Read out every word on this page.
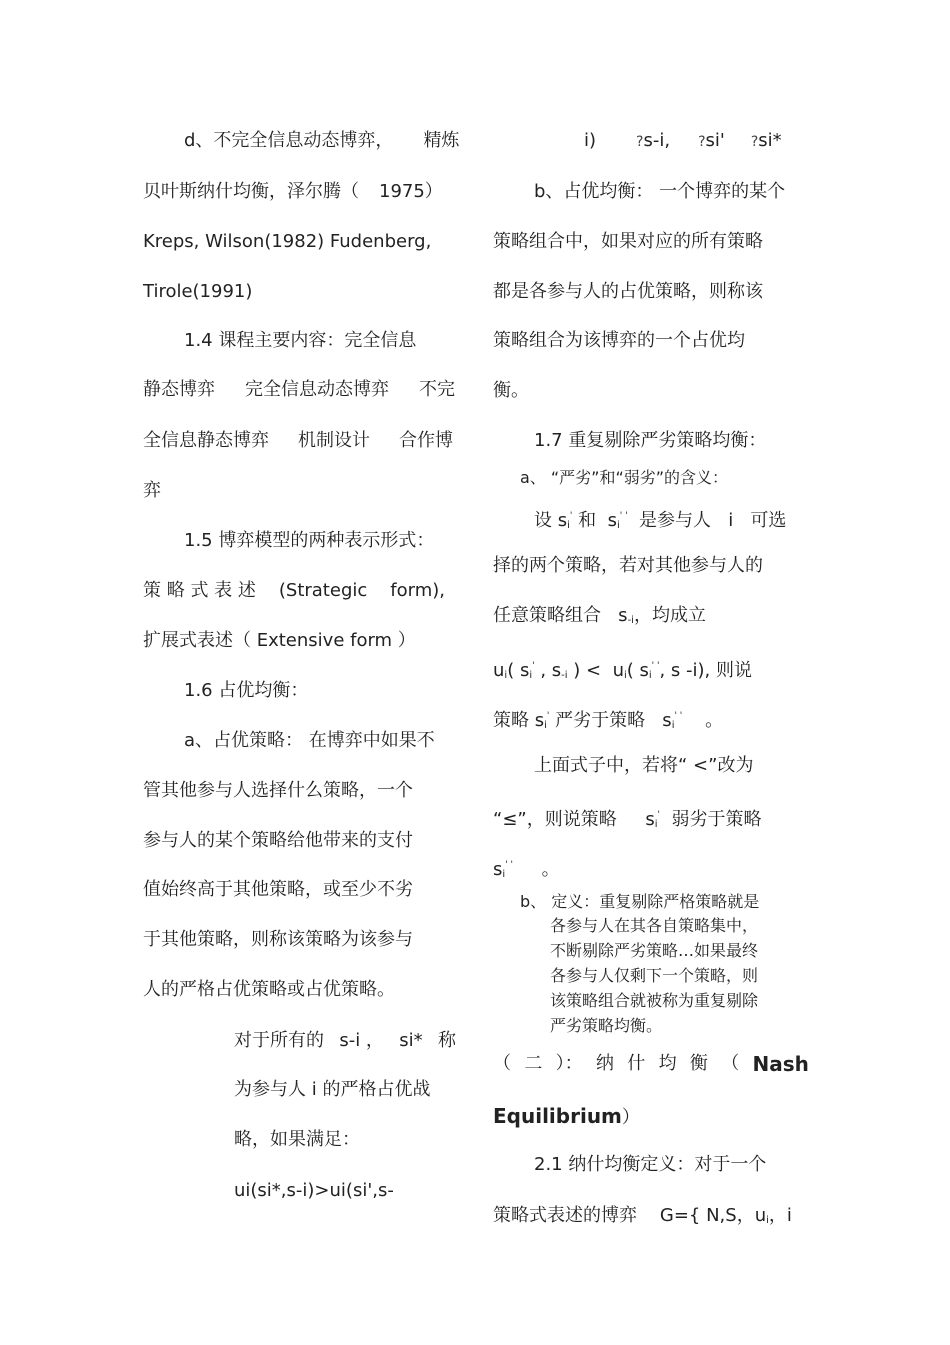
d、不完全信息动态博弈， 精炼
贝叶斯纳什均衡，泽尔腾（ 1975）
Kreps, Wilson(1982) Fudenberg,
Tirole(1991)
1.4 课程主要内容：完全信息
静态博弈 完全信息动态博弈 不完
全信息静态博弈 机制设计 合作博
弈
1.5 博弈模型的两种表示形式：
策 略 式 表 述 (Strategic form),
扩展式表述（ Extensive form ）
1.6 占优均衡：
a、占优策略： 在博弈中如果不
管其他参与人选择什么策略，一个
参与人的某个策略给他带来的支付
值始终高于其他策略，或至少不劣
于其他策略，则称该策略为该参与
人的严格占优策略或占优策略。
对于所有的 s-i ， si* 称
为参与人 i 的严格占优战
略，如果满足：
ui(si*,s-i)>ui(si',s-
i)	?s-i, ?si' ?si*
b、占优均衡： 一个博弈的某个
策略组合中，如果对应的所有策略
都是各参与人的占优策略，则称该
策略组合为该博弈的一个占优均
衡。
1.7 重复剔除严劣策略均衡：
a、 “严劣”和“弱劣”的含义：
设 $s_i'$ 和 $s_i^{' '}$ 是参与人 i 可选
择的两个策略，若对其他参与人的
任意策略组合 $s_{-i}$，均成立
$u_i$( $s_i'$ , $s_{-i}$ ) < $u_i$( $s_i^{' '}$, s -i), 则说
策略 $s_i'$ 严劣于策略 $s_i^{' '}$ 。
上面式子中，若将“ <”改为
“≤”，则说策略 $s_i'$ 弱劣于策略
$s_i^{' '}$ 。
b、 定义：重复剔除严格策略就是
各参与人在其各自策略集中，
不断剔除严劣策略…如果最终
各参与人仅剩下一个策略，则
该策略组合就被称为重复剔除
严劣策略均衡。
（ 二 ）： 纳 什 均 衡 （ Nash
Equilibrium）
2.1 纳什均衡定义：对于一个
策略式表述的博弈 G={ N,S，$u_i$，i
